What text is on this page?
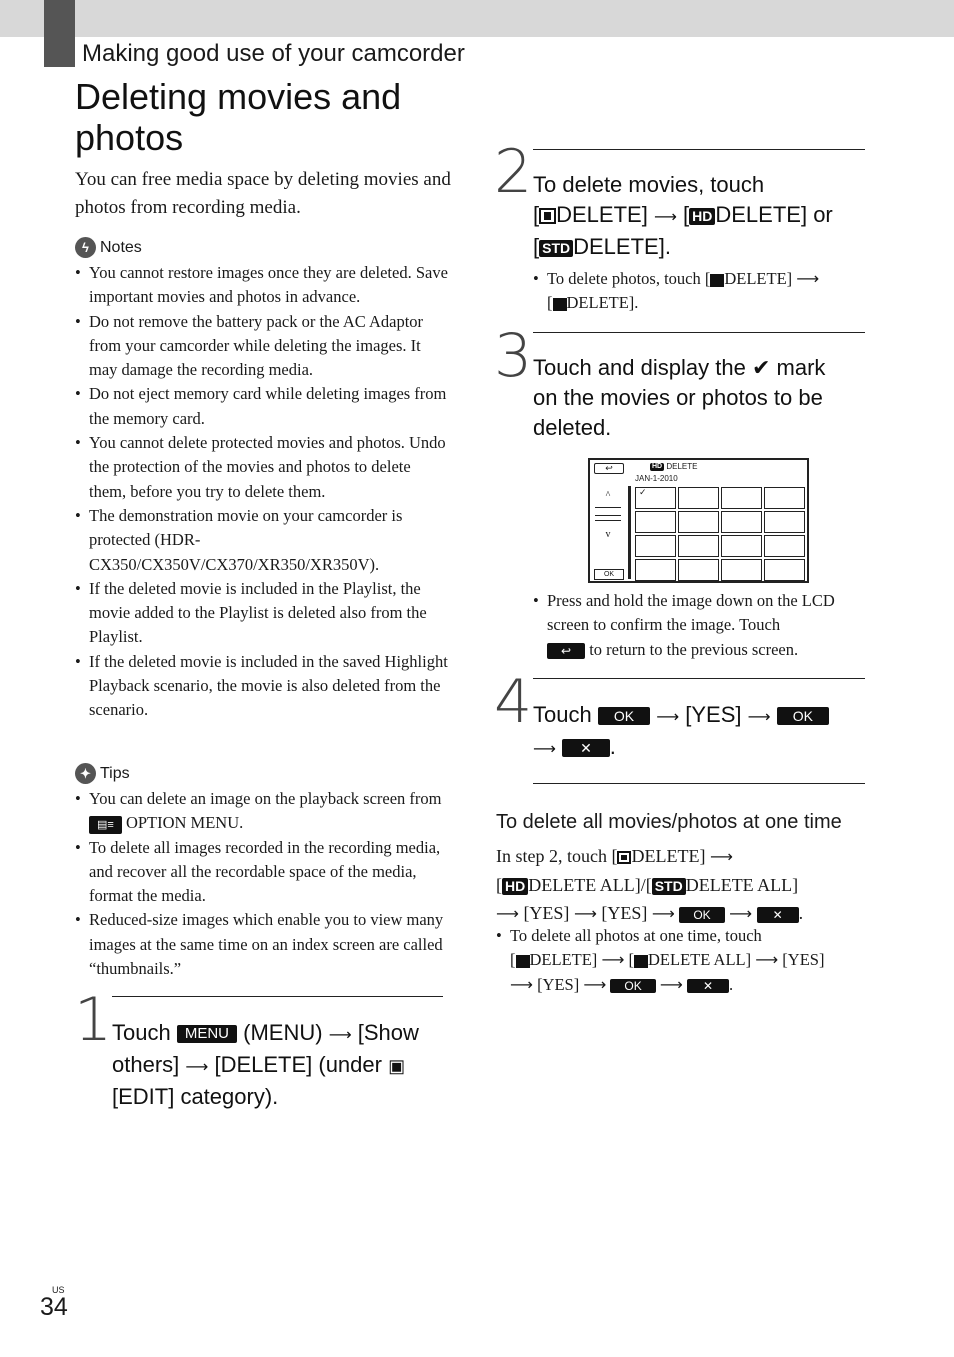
Making good use of your camcorder
Deleting movies and photos

You can free media space by deleting movies and photos from recording media.

ϟ Notes
• You cannot restore images once they are deleted. Save important movies and photos in advance.
• Do not remove the battery pack or the AC Adaptor from your camcorder while deleting the images. It may damage the recording media.
• Do not eject memory card while deleting images from the memory card.
• You cannot delete protected movies and photos. Undo the protection of the movies and photos to delete them, before you try to delete them.
• The demonstration movie on your camcorder is protected (HDR-CX350/CX350V/CX370/XR350/XR350V).
• If the deleted movie is included in the Playlist, the movie added to the Playlist is deleted also from the Playlist.
• If the deleted movie is included in the saved Highlight Playback scenario, the movie is also deleted from the scenario.
✦ Tips
• You can delete an image on the playback screen from ▤≡ OPTION MENU.
• To delete all images recorded in the recording media, and recover all the recordable space of the media, format the media.
• Reduced-size images which enable you to view many images at the same time on an index screen are called “thumbnails.”
1 Touch MENU (MENU) ⟶ [Show others] ⟶ [DELETE] (under ▣ [EDIT] category).
2 To delete movies, touch
[ DELETE] ⟶ [ HD DELETE] or
[ STD DELETE].
• To delete photos, touch [ DELETE] ⟶
[ DELETE].
3 Touch and display the ✔ mark on the movies or photos to be deleted.
↩	HD DELETE
JAN-1-2010
^
v
✓
OK
• Press and hold the image down on the LCD screen to confirm the image. Touch
↩ to return to the previous screen.
4 Touch OK ⟶ [YES] ⟶ OK
⟶ ✕ .
To delete all movies/photos at one time
In step 2, touch [ DELETE] ⟶
[ HD DELETE ALL]/[ STD DELETE ALL]
⟶ [YES] ⟶ [YES] ⟶ OK ⟶ ✕ .
• To delete all photos at one time, touch
[ DELETE] ⟶ [ DELETE ALL] ⟶ [YES]
⟶ [YES] ⟶ OK ⟶ ✕ .
US
34
